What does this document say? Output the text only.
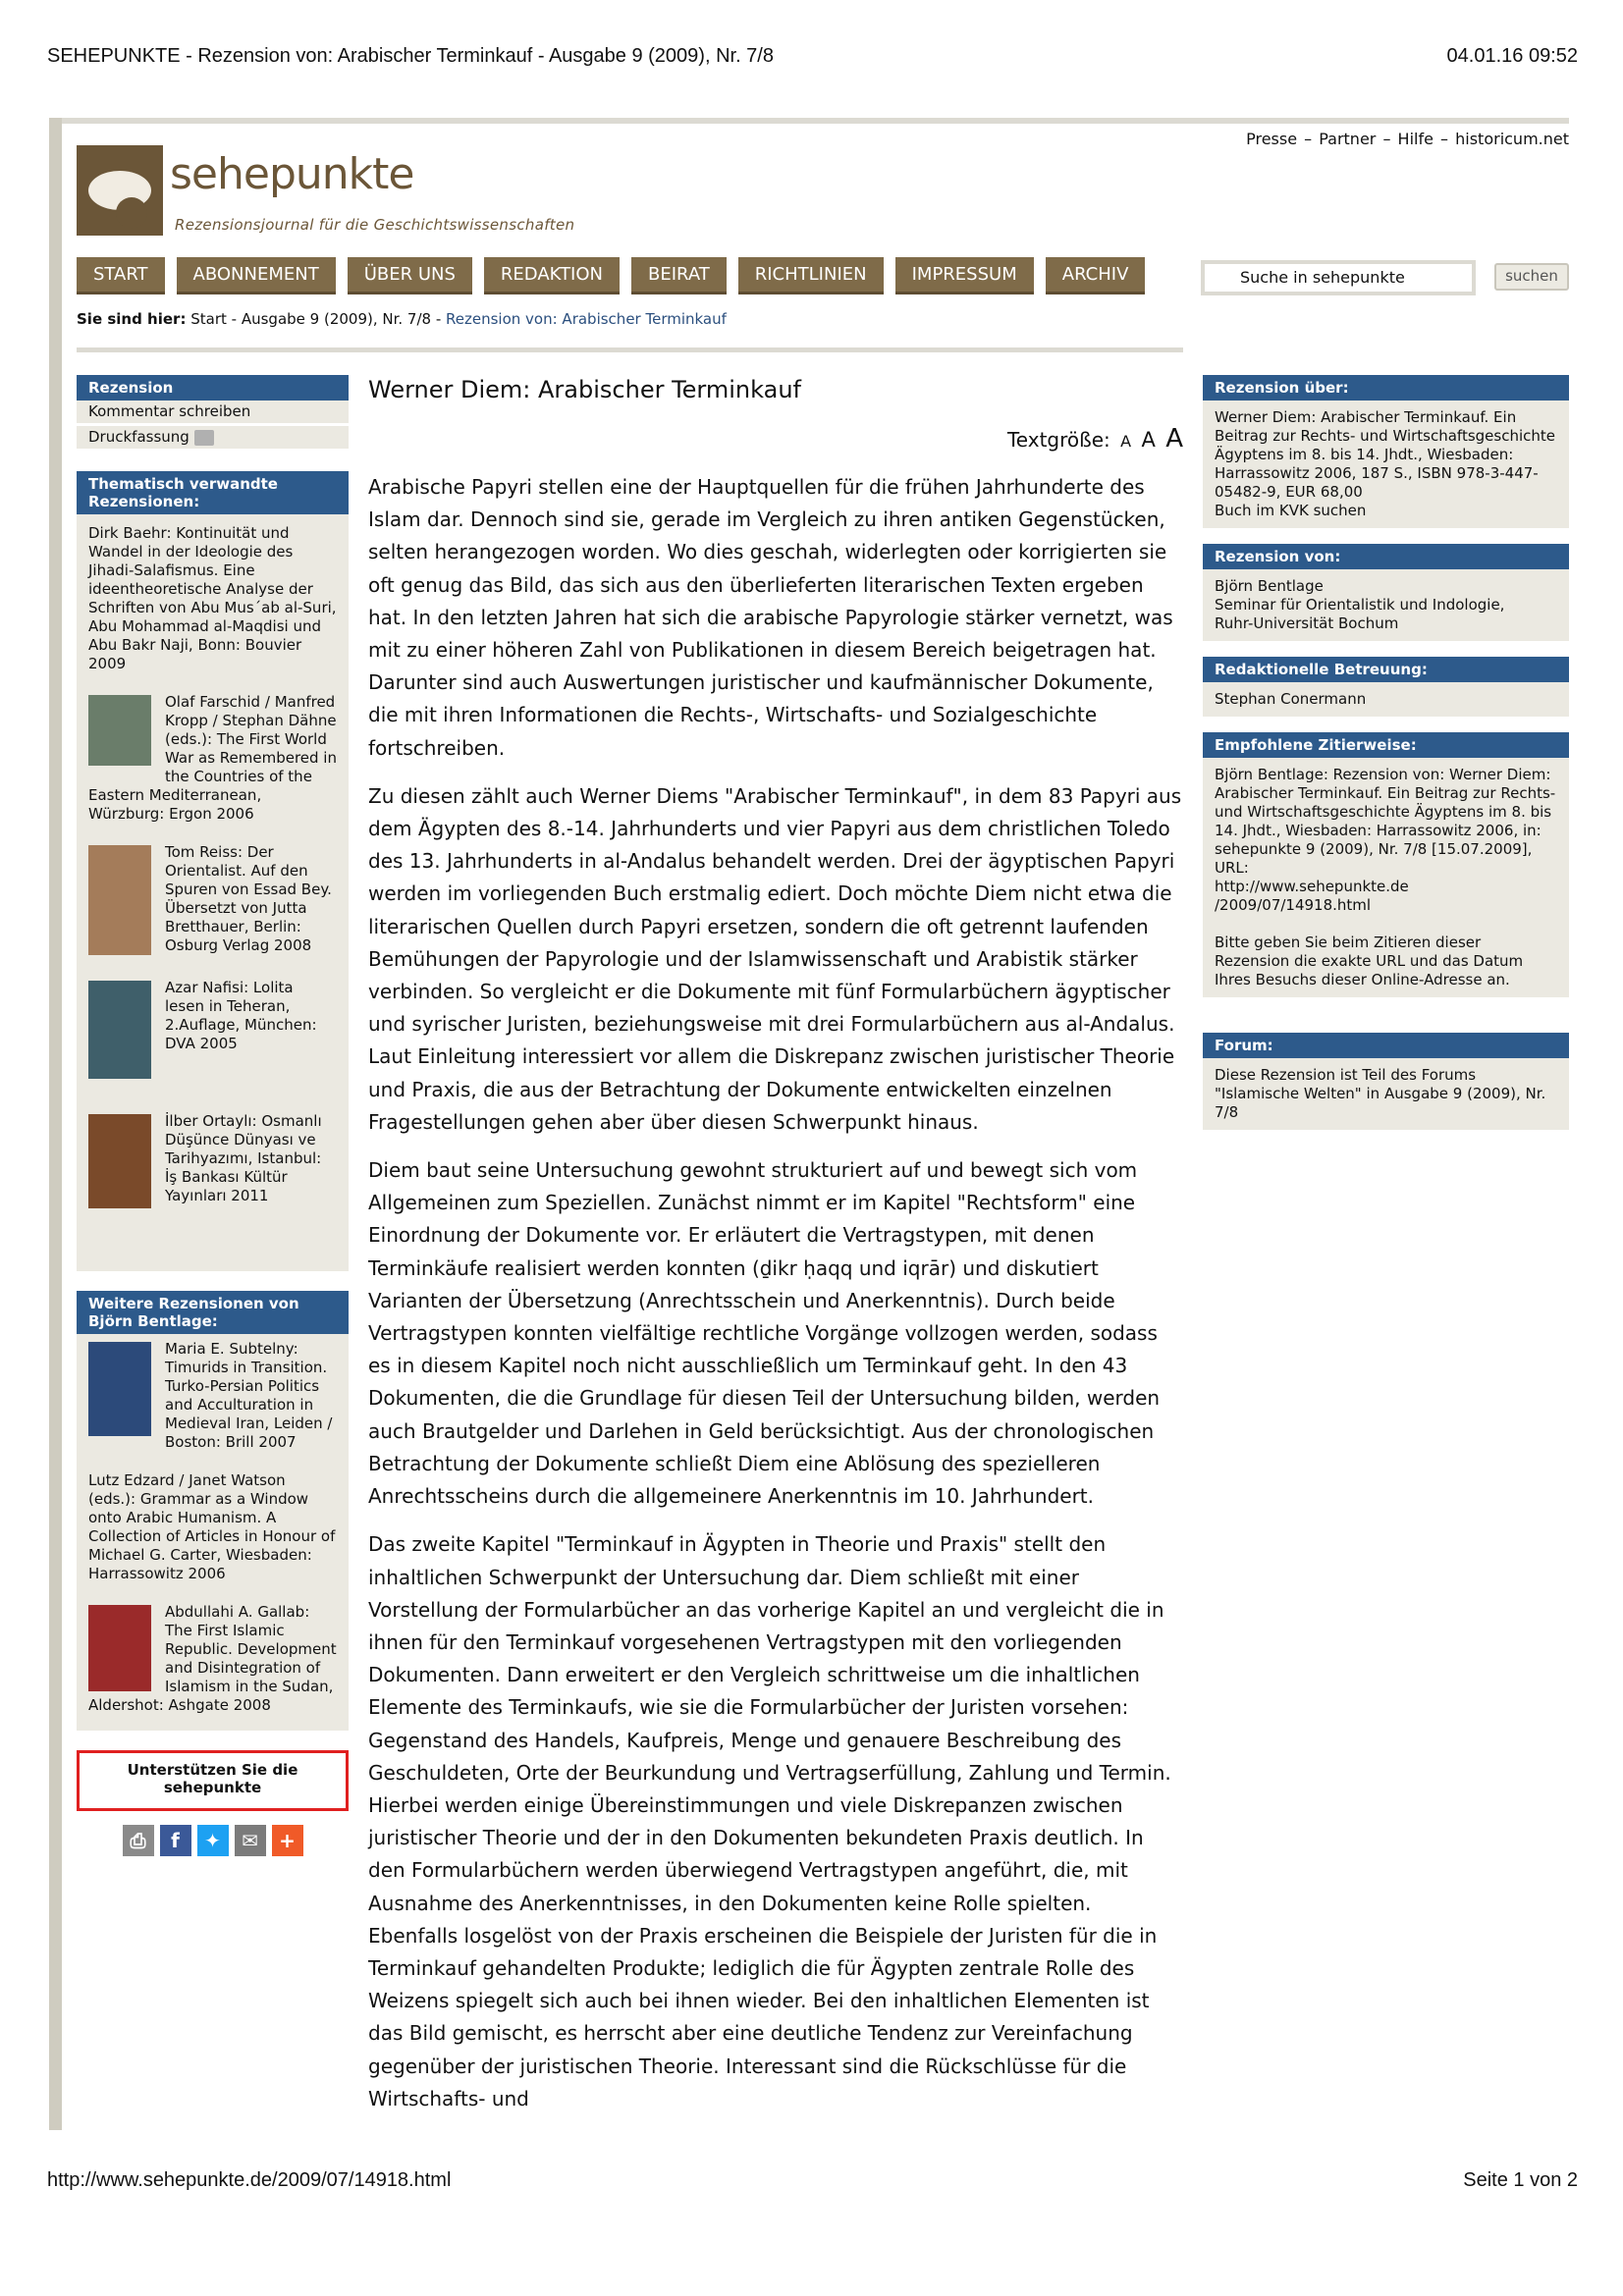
SEHEPUNKTE - Rezension von: Arabischer Terminkauf - Ausgabe 9 (2009), Nr. 7/8	04.01.16 09:52
Presse – Partner – Hilfe – historicum.net
sehepunkte
Rezensionsjournal für die Geschichtswissenschaften
START	ABONNEMENT	ÜBER UNS	REDAKTION	BEIRAT	RICHTLINIEN	IMPRESSUM	ARCHIV	Suche in sehepunkte	suchen
Sie sind hier: Start - Ausgabe 9 (2009), Nr. 7/8 - Rezension von: Arabischer Terminkauf
Rezension
Kommentar schreiben
Druckfassung
Thematisch verwandte Rezensionen:
Dirk Baehr: Kontinuität und Wandel in der Ideologie des Jihadi-Salafismus. Eine ideentheoretische Analyse der Schriften von Abu Mus´ab al-Suri, Abu Mohammad al-Maqdisi und Abu Bakr Naji, Bonn: Bouvier 2009
Olaf Farschid / Manfred Kropp / Stephan Dähne (eds.): The First World War as Remembered in the Countries of the Eastern Mediterranean, Würzburg: Ergon 2006
Tom Reiss: Der Orientalist. Auf den Spuren von Essad Bey. Übersetzt von Jutta Bretthauer, Berlin: Osburg Verlag 2008
Azar Nafisi: Lolita lesen in Teheran, 2.Auflage, München: DVA 2005
İlber Ortaylı: Osmanlı Düşünce Dünyası ve Tarihyazımı, Istanbul: İş Bankası Kültür Yayınları 2011
Weitere Rezensionen von Björn Bentlage:
Maria E. Subtelny: Timurids in Transition. Turko-Persian Politics and Acculturation in Medieval Iran, Leiden / Boston: Brill 2007
Lutz Edzard / Janet Watson (eds.): Grammar as a Window onto Arabic Humanism. A Collection of Articles in Honour of Michael G. Carter, Wiesbaden: Harrassowitz 2006
Abdullahi A. Gallab: The First Islamic Republic. Development and Disintegration of Islamism in the Sudan, Aldershot: Ashgate 2008
Unterstützen Sie die sehepunkte
⎙	f	✦	✉	+
Werner Diem: Arabischer Terminkauf
Textgröße: A A A

Arabische Papyri stellen eine der Hauptquellen für die frühen Jahrhunderte des Islam dar. Dennoch sind sie, gerade im Vergleich zu ihren antiken Gegenstücken, selten herangezogen worden. Wo dies geschah, widerlegten oder korrigierten sie oft genug das Bild, das sich aus den überlieferten literarischen Texten ergeben hat. In den letzten Jahren hat sich die arabische Papyrologie stärker vernetzt, was mit zu einer höheren Zahl von Publikationen in diesem Bereich beigetragen hat. Darunter sind auch Auswertungen juristischer und kaufmännischer Dokumente, die mit ihren Informationen die Rechts-, Wirtschafts- und Sozialgeschichte fortschreiben.

Zu diesen zählt auch Werner Diems "Arabischer Terminkauf", in dem 83 Papyri aus dem Ägypten des 8.-14. Jahrhunderts und vier Papyri aus dem christlichen Toledo des 13. Jahrhunderts in al-Andalus behandelt werden. Drei der ägyptischen Papyri werden im vorliegenden Buch erstmalig ediert. Doch möchte Diem nicht etwa die literarischen Quellen durch Papyri ersetzen, sondern die oft getrennt laufenden Bemühungen der Papyrologie und der Islamwissenschaft und Arabistik stärker verbinden. So vergleicht er die Dokumente mit fünf Formularbüchern ägyptischer und syrischer Juristen, beziehungsweise mit drei Formularbüchern aus al-Andalus. Laut Einleitung interessiert vor allem die Diskrepanz zwischen juristischer Theorie und Praxis, die aus der Betrachtung der Dokumente entwickelten einzelnen Fragestellungen gehen aber über diesen Schwerpunkt hinaus.

Diem baut seine Untersuchung gewohnt strukturiert auf und bewegt sich vom Allgemeinen zum Speziellen. Zunächst nimmt er im Kapitel "Rechtsform" eine Einordnung der Dokumente vor. Er erläutert die Vertragstypen, mit denen Terminkäufe realisiert werden konnten (ḏikr ḥaqq und iqrār) und diskutiert Varianten der Übersetzung (Anrechtsschein und Anerkenntnis). Durch beide Vertragstypen konnten vielfältige rechtliche Vorgänge vollzogen werden, sodass es in diesem Kapitel noch nicht ausschließlich um Terminkauf geht. In den 43 Dokumenten, die die Grundlage für diesen Teil der Untersuchung bilden, werden auch Brautgelder und Darlehen in Geld berücksichtigt. Aus der chronologischen Betrachtung der Dokumente schließt Diem eine Ablösung des spezielleren Anrechtsscheins durch die allgemeinere Anerkenntnis im 10. Jahrhundert.

Das zweite Kapitel "Terminkauf in Ägypten in Theorie und Praxis" stellt den inhaltlichen Schwerpunkt der Untersuchung dar. Diem schließt mit einer Vorstellung der Formularbücher an das vorherige Kapitel an und vergleicht die in ihnen für den Terminkauf vorgesehenen Vertragstypen mit den vorliegenden Dokumenten. Dann erweitert er den Vergleich schrittweise um die inhaltlichen Elemente des Terminkaufs, wie sie die Formularbücher der Juristen vorsehen: Gegenstand des Handels, Kaufpreis, Menge und genauere Beschreibung des Geschuldeten, Orte der Beurkundung und Vertragserfüllung, Zahlung und Termin. Hierbei werden einige Übereinstimmungen und viele Diskrepanzen zwischen juristischer Theorie und der in den Dokumenten bekundeten Praxis deutlich. In den Formularbüchern werden überwiegend Vertragstypen angeführt, die, mit Ausnahme des Anerkenntnisses, in den Dokumenten keine Rolle spielten. Ebenfalls losgelöst von der Praxis erscheinen die Beispiele der Juristen für die in Terminkauf gehandelten Produkte; lediglich die für Ägypten zentrale Rolle des Weizens spiegelt sich auch bei ihnen wieder. Bei den inhaltlichen Elementen ist das Bild gemischt, es herrscht aber eine deutliche Tendenz zur Vereinfachung gegenüber der juristischen Theorie. Interessant sind die Rückschlüsse für die Wirtschafts- und

Rezension über:
Werner Diem: Arabischer Terminkauf. Ein Beitrag zur Rechts- und Wirtschaftsgeschichte Ägyptens im 8. bis 14. Jhdt., Wiesbaden: Harrassowitz 2006, 187 S., ISBN 978-3-447-05482-9, EUR 68,00
Buch im KVK suchen
Rezension von:
Björn Bentlage
Seminar für Orientalistik und Indologie,
Ruhr-Universität Bochum
Redaktionelle Betreuung:
Stephan Conermann
Empfohlene Zitierweise:
Björn Bentlage: Rezension von: Werner Diem: Arabischer Terminkauf. Ein Beitrag zur Rechts- und Wirtschaftsgeschichte Ägyptens im 8. bis 14. Jhdt., Wiesbaden: Harrassowitz 2006, in: sehepunkte 9 (2009), Nr. 7/8 [15.07.2009], URL:
http://www.sehepunkte.de /2009/07/14918.html
Bitte geben Sie beim Zitieren dieser Rezension die exakte URL und das Datum Ihres Besuchs dieser Online-Adresse an.
Forum:
Diese Rezension ist Teil des Forums "Islamische Welten" in Ausgabe 9 (2009), Nr. 7/8
http://www.sehepunkte.de/2009/07/14918.html	Seite 1 von 2
